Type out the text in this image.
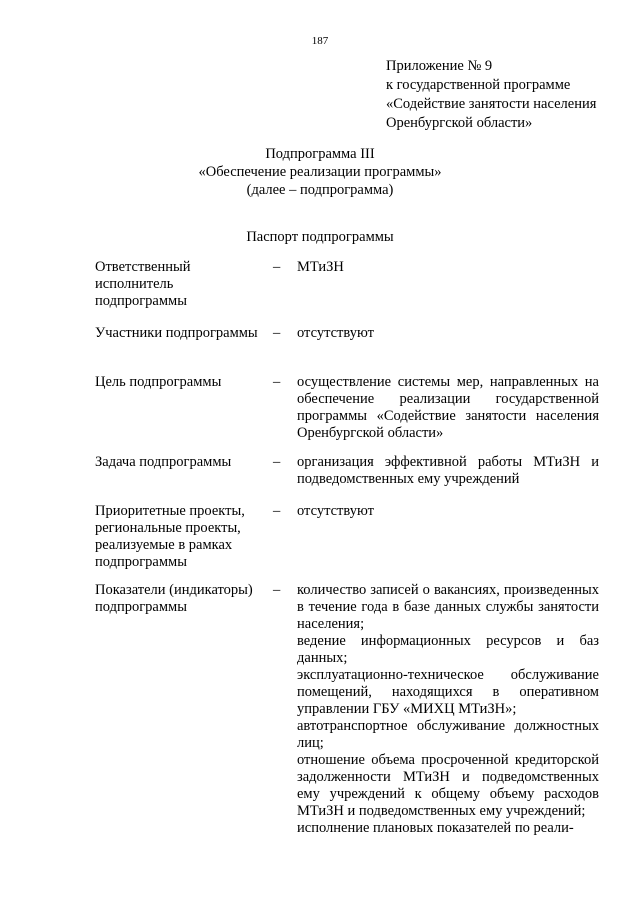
187
Приложение № 9
к государственной программе
«Содействие занятости населения
Оренбургской области»
Подпрограмма III
«Обеспечение реализации программы»
(далее – подпрограмма)
Паспорт подпрограммы
Ответственный исполнитель подпрограммы
– МТиЗН

Участники подпрограммы – отсутствуют

Цель подпрограммы	– осуществление системы мер, направленных на обеспечение реализации государственной программы «Содействие занятости населения Оренбургской области»

Задача подпрограммы	– организация эффективной работы МТиЗН и подведомственных ему учреждений

Приоритетные проекты, региональные проекты, реализуемые в рамках подпрограммы
– отсутствуют

Показатели (индикаторы) подпрограммы
– количество записей о вакансиях, произведенных в течение года в базе данных службы занятости населения;

ведение информационных ресурсов и баз данных;

эксплуатационно-техническое обслуживание помещений, находящихся в оперативном управлении ГБУ «МИХЦ МТиЗН»;

автотранспортное обслуживание должностных лиц;

отношение объема просроченной кредиторской задолженности МТиЗН и подведомственных ему учреждений к общему объему расходов МТиЗН и подведомственных ему учреждений;

исполнение плановых показателей по реали-
